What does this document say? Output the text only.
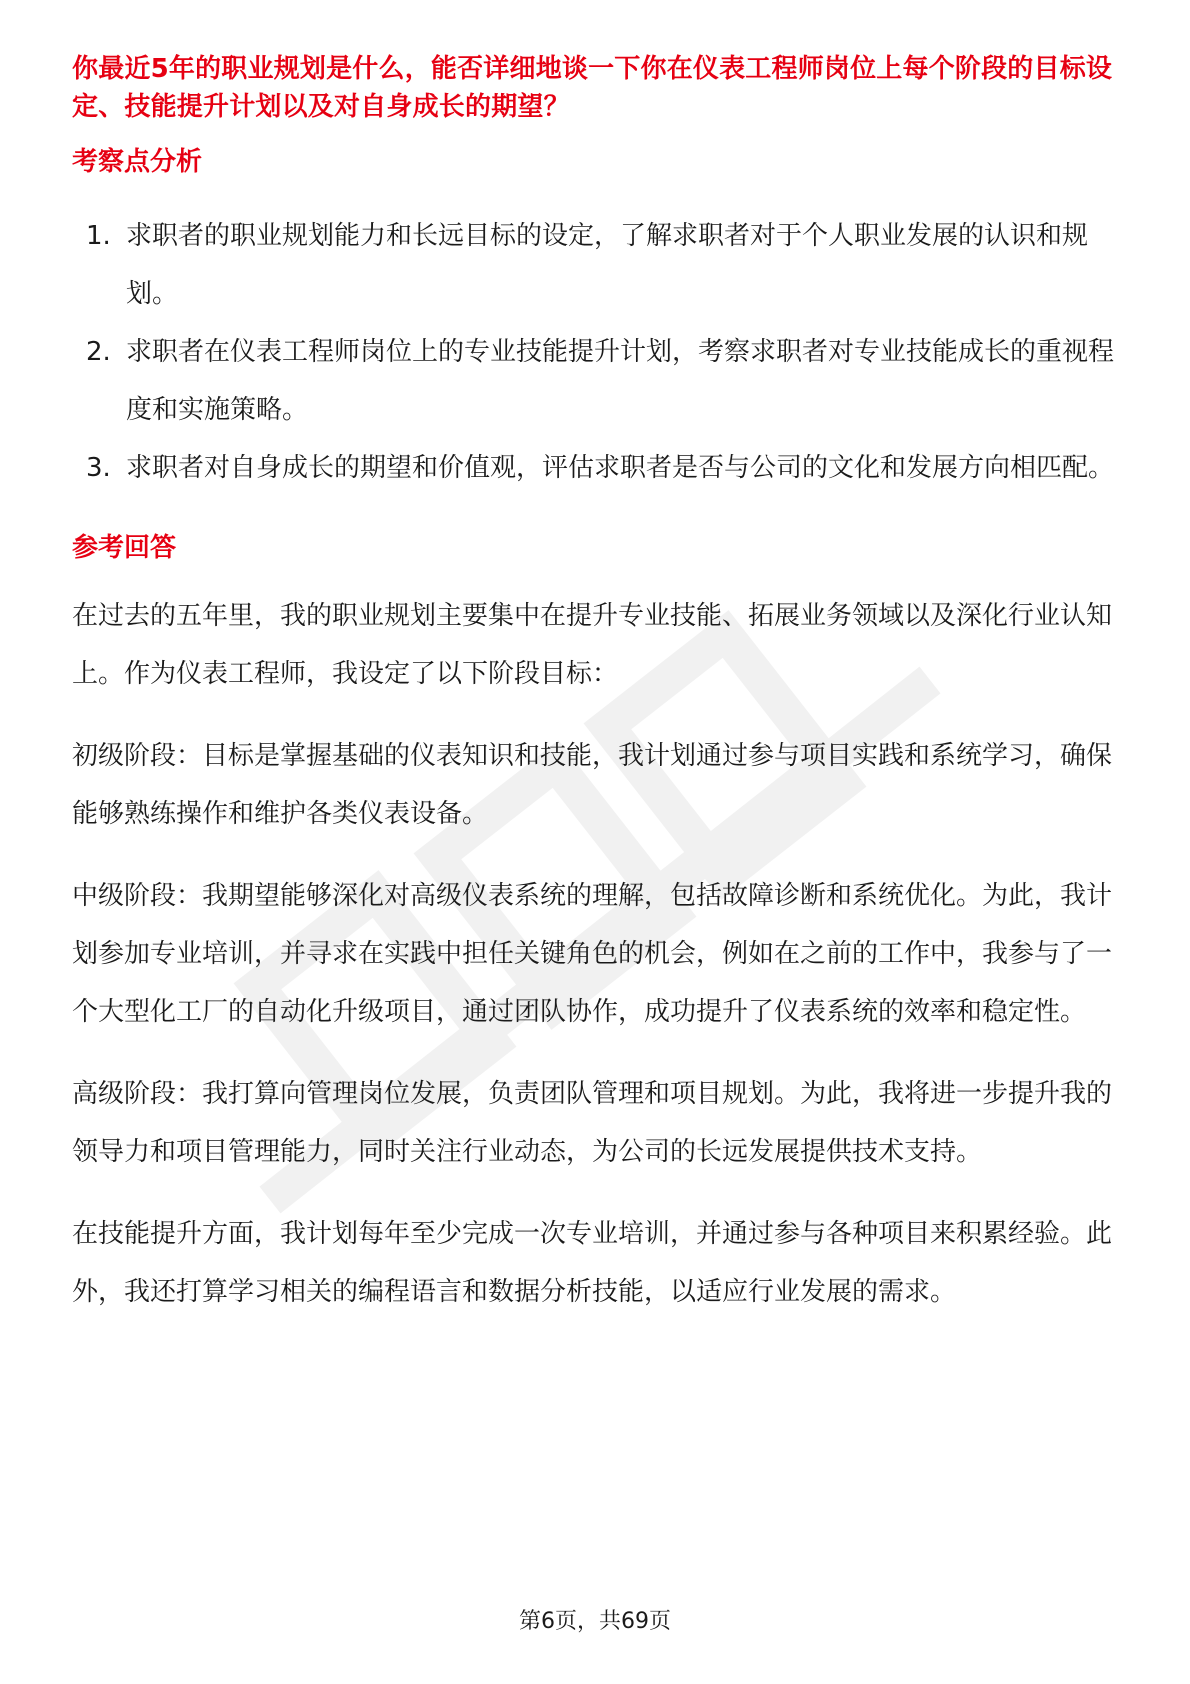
你最近5年的职业规划是什么，能否详细地谈一下你在仪表工程师岗位上每个阶段的目标设定、技能提升计划以及对自身成长的期望？

考察点分析

1. 求职者的职业规划能力和长远目标的设定，了解求职者对于个人职业发展的认识和规划。
2. 求职者在仪表工程师岗位上的专业技能提升计划，考察求职者对专业技能成长的重视程度和实施策略。
3. 求职者对自身成长的期望和价值观，评估求职者是否与公司的文化和发展方向相匹配。

参考回答

在过去的五年里，我的职业规划主要集中在提升专业技能、拓展业务领域以及深化行业认知上。作为仪表工程师，我设定了以下阶段目标：

初级阶段：目标是掌握基础的仪表知识和技能，我计划通过参与项目实践和系统学习，确保能够熟练操作和维护各类仪表设备。

中级阶段：我期望能够深化对高级仪表系统的理解，包括故障诊断和系统优化。为此，我计划参加专业培训，并寻求在实践中担任关键角色的机会，例如在之前的工作中，我参与了一个大型化工厂的自动化升级项目，通过团队协作，成功提升了仪表系统的效率和稳定性。

高级阶段：我打算向管理岗位发展，负责团队管理和项目规划。为此，我将进一步提升我的领导力和项目管理能力，同时关注行业动态，为公司的长远发展提供技术支持。

在技能提升方面，我计划每年至少完成一次专业培训，并通过参与各种项目来积累经验。此外，我还打算学习相关的编程语言和数据分析技能，以适应行业发展的需求。

第6页，共69页
